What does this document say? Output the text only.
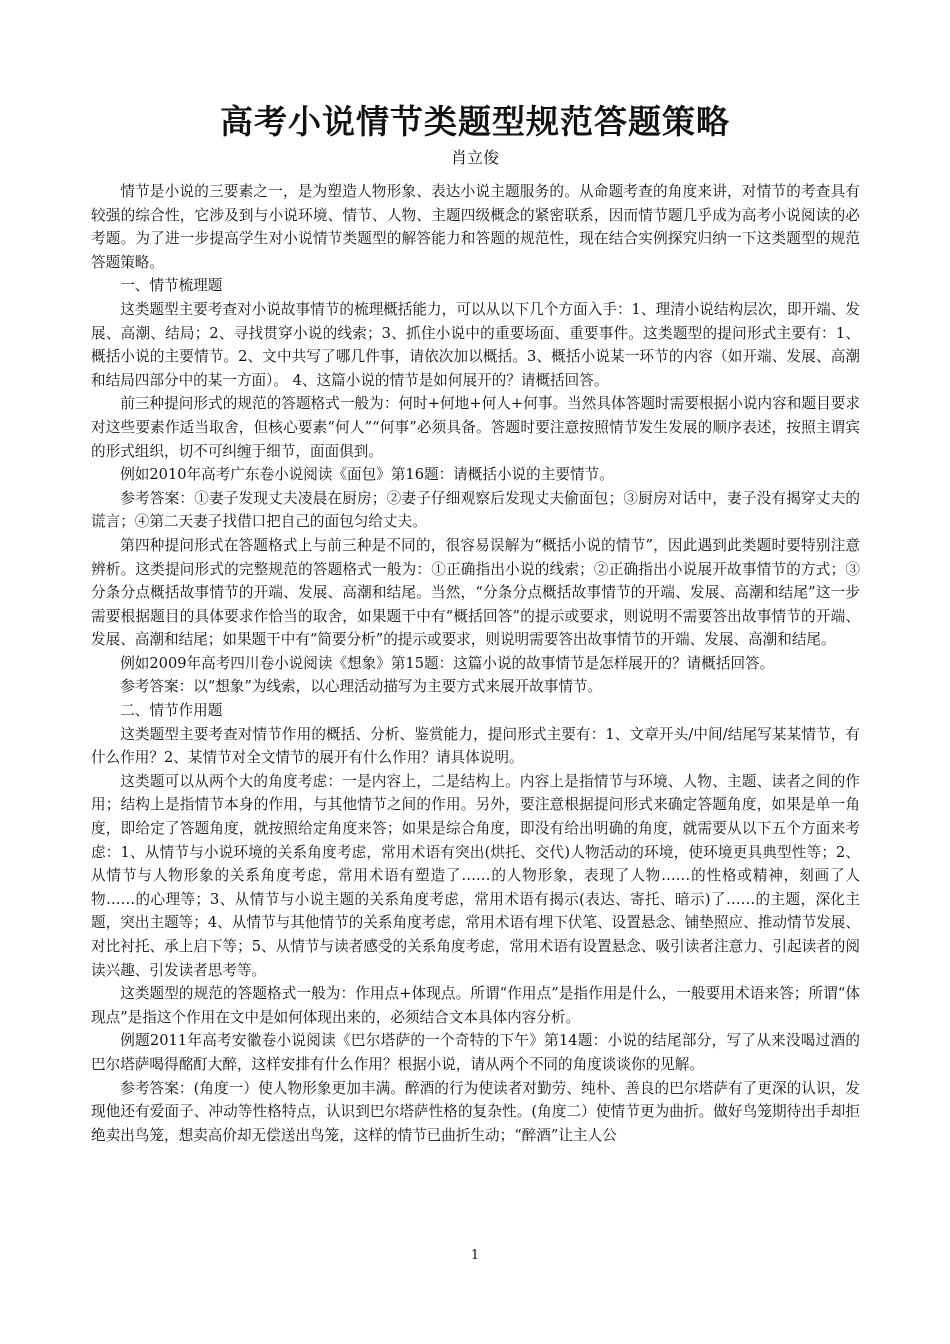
高考小说情节类题型规范答题策略
肖立俊

情节是小说的三要素之一，是为塑造人物形象、表达小说主题服务的。从命题考查的角度来讲，对情节的考查具有较强的综合性，它涉及到与小说环境、情节、人物、主题四级概念的紧密联系，因而情节题几乎成为高考小说阅读的必考题。为了进一步提高学生对小说情节类题型的解答能力和答题的规范性，现在结合实例探究归纳一下这类题型的规范答题策略。

一、情节梳理题

这类题型主要考查对小说故事情节的梳理概括能力，可以从以下几个方面入手：1、理清小说结构层次，即开端、发展、高潮、结局；2、寻找贯穿小说的线索；3、抓住小说中的重要场面、重要事件。这类题型的提问形式主要有：1、概括小说的主要情节。2、文中共写了哪几件事，请依次加以概括。3、概括小说某一环节的内容（如开端、发展、高潮和结局四部分中的某一方面）。 4、这篇小说的情节是如何展开的？请概括回答。

前三种提问形式的规范的答题格式一般为：何时+何地+何人+何事。当然具体答题时需要根据小说内容和题目要求对这些要素作适当取舍，但核心要素“何人”“何事”必须具备。答题时要注意按照情节发生发展的顺序表述，按照主谓宾的形式组织，切不可纠缠于细节，面面俱到。

例如2010年高考广东卷小说阅读《面包》第16题：请概括小说的主要情节。

参考答案：①妻子发现丈夫凌晨在厨房；②妻子仔细观察后发现丈夫偷面包；③厨房对话中，妻子没有揭穿丈夫的谎言；④第二天妻子找借口把自己的面包匀给丈夫。

第四种提问形式在答题格式上与前三种是不同的，很容易误解为“概括小说的情节”，因此遇到此类题时要特别注意辨析。这类提问形式的完整规范的答题格式一般为：①正确指出小说的线索；②正确指出小说展开故事情节的方式；③分条分点概括故事情节的开端、发展、高潮和结尾。当然，“分条分点概括故事情节的开端、发展、高潮和结尾”这一步需要根据题目的具体要求作恰当的取舍，如果题干中有“概括回答”的提示或要求，则说明不需要答出故事情节的开端、发展、高潮和结尾；如果题干中有“简要分析”的提示或要求，则说明需要答出故事情节的开端、发展、高潮和结尾。

例如2009年高考四川卷小说阅读《想象》第15题：这篇小说的故事情节是怎样展开的？请概括回答。

参考答案：以“想象”为线索，以心理活动描写为主要方式来展开故事情节。

二、情节作用题

这类题型主要考查对情节作用的概括、分析、鉴赏能力，提问形式主要有：1、文章开头/中间/结尾写某某情节，有什么作用？2、某情节对全文情节的展开有什么作用？请具体说明。

这类题可以从两个大的角度考虑：一是内容上，二是结构上。内容上是指情节与环境、人物、主题、读者之间的作用；结构上是指情节本身的作用，与其他情节之间的作用。另外，要注意根据提问形式来确定答题角度，如果是单一角度，即给定了答题角度，就按照给定角度来答；如果是综合角度，即没有给出明确的角度，就需要从以下五个方面来考虑：1、从情节与小说环境的关系角度考虑，常用术语有突出(烘托、交代)人物活动的环境，使环境更具典型性等；2、从情节与人物形象的关系角度考虑，常用术语有塑造了……的人物形象，表现了人物……的性格或精神，刻画了人物……的心理等；3、从情节与小说主题的关系角度考虑，常用术语有揭示(表达、寄托、暗示)了……的主题，深化主题，突出主题等；4、从情节与其他情节的关系角度考虑，常用术语有埋下伏笔、设置悬念、铺垫照应、推动情节发展、对比衬托、承上启下等；5、从情节与读者感受的关系角度考虑，常用术语有设置悬念、吸引读者注意力、引起读者的阅读兴趣、引发读者思考等。

这类题型的规范的答题格式一般为：作用点+体现点。所谓“作用点”是指作用是什么，一般要用术语来答；所谓“体现点”是指这个作用在文中是如何体现出来的，必须结合文本具体内容分析。

例题2011年高考安徽卷小说阅读《巴尔塔萨的一个奇特的下午》第14题：小说的结尾部分，写了从来没喝过酒的巴尔塔萨喝得酩酊大醉，这样安排有什么作用？根据小说，请从两个不同的角度谈谈你的见解。

参考答案：(角度一）使人物形象更加丰满。醉酒的行为使读者对勤劳、纯朴、善良的巴尔塔萨有了更深的认识，发现他还有爱面子、冲动等性格特点，认识到巴尔塔萨性格的复杂性。(角度二）使情节更为曲折。做好鸟笼期待出手却拒绝卖出鸟笼，想卖高价却无偿送出鸟笼，这样的情节已曲折生动；“醉酒”让主人公

1
